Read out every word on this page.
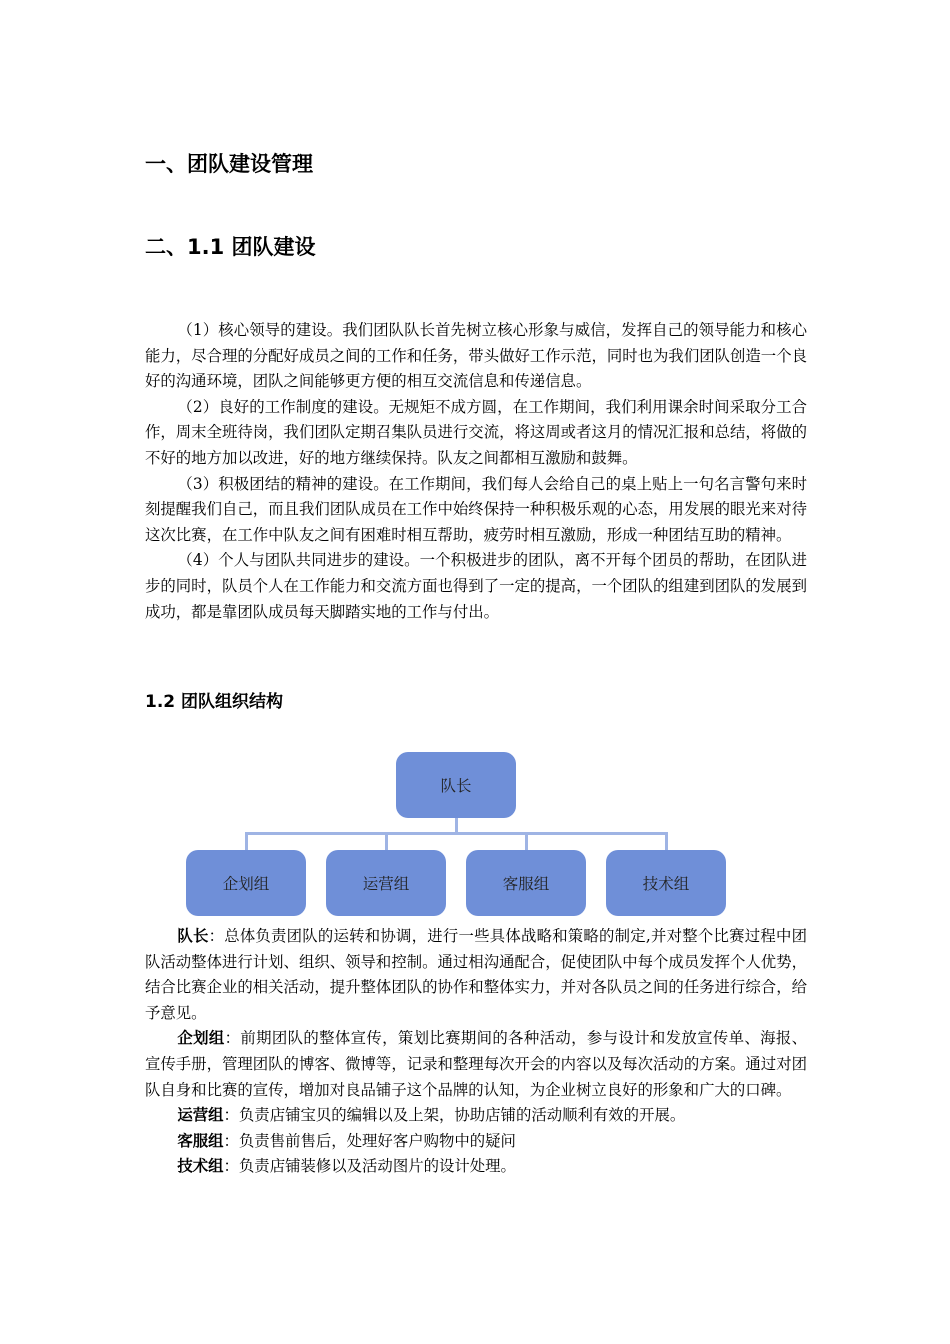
一、团队建设管理
二、1.1 团队建设

（1）核心领导的建设。我们团队队长首先树立核心形象与威信，发挥自己的领导能力和核心能力，尽合理的分配好成员之间的工作和任务，带头做好工作示范，同时也为我们团队创造一个良好的沟通环境，团队之间能够更方便的相互交流信息和传递信息。

（2）良好的工作制度的建设。无规矩不成方圆，在工作期间，我们利用课余时间采取分工合作，周末全班待岗，我们团队定期召集队员进行交流，将这周或者这月的情况汇报和总结，将做的不好的地方加以改进，好的地方继续保持。队友之间都相互激励和鼓舞。

（3）积极团结的精神的建设。在工作期间，我们每人会给自己的桌上贴上一句名言警句来时刻提醒我们自己，而且我们团队成员在工作中始终保持一种积极乐观的心态，用发展的眼光来对待这次比赛，在工作中队友之间有困难时相互帮助，疲劳时相互激励，形成一种团结互助的精神。

（4）个人与团队共同进步的建设。一个积极进步的团队，离不开每个团员的帮助，在团队进步的同时，队员个人在工作能力和交流方面也得到了一定的提高，一个团队的组建到团队的发展到成功，都是靠团队成员每天脚踏实地的工作与付出。

1.2 团队组织结构
队长
企划组	运营组	客服组	技术组

队长：总体负责团队的运转和协调，进行一些具体战略和策略的制定,并对整个比赛过程中团队活动整体进行计划、组织、领导和控制。通过相沟通配合，促使团队中每个成员发挥个人优势，结合比赛企业的相关活动，提升整体团队的协作和整体实力，并对各队员之间的任务进行综合，给予意见。

企划组：前期团队的整体宣传，策划比赛期间的各种活动，参与设计和发放宣传单、海报、宣传手册，管理团队的博客、微博等，记录和整理每次开会的内容以及每次活动的方案。通过对团队自身和比赛的宣传，增加对良品铺子这个品牌的认知，为企业树立良好的形象和广大的口碑。

运营组：负责店铺宝贝的编辑以及上架，协助店铺的活动顺利有效的开展。

客服组：负责售前售后，处理好客户购物中的疑问

技术组：负责店铺装修以及活动图片的设计处理。
